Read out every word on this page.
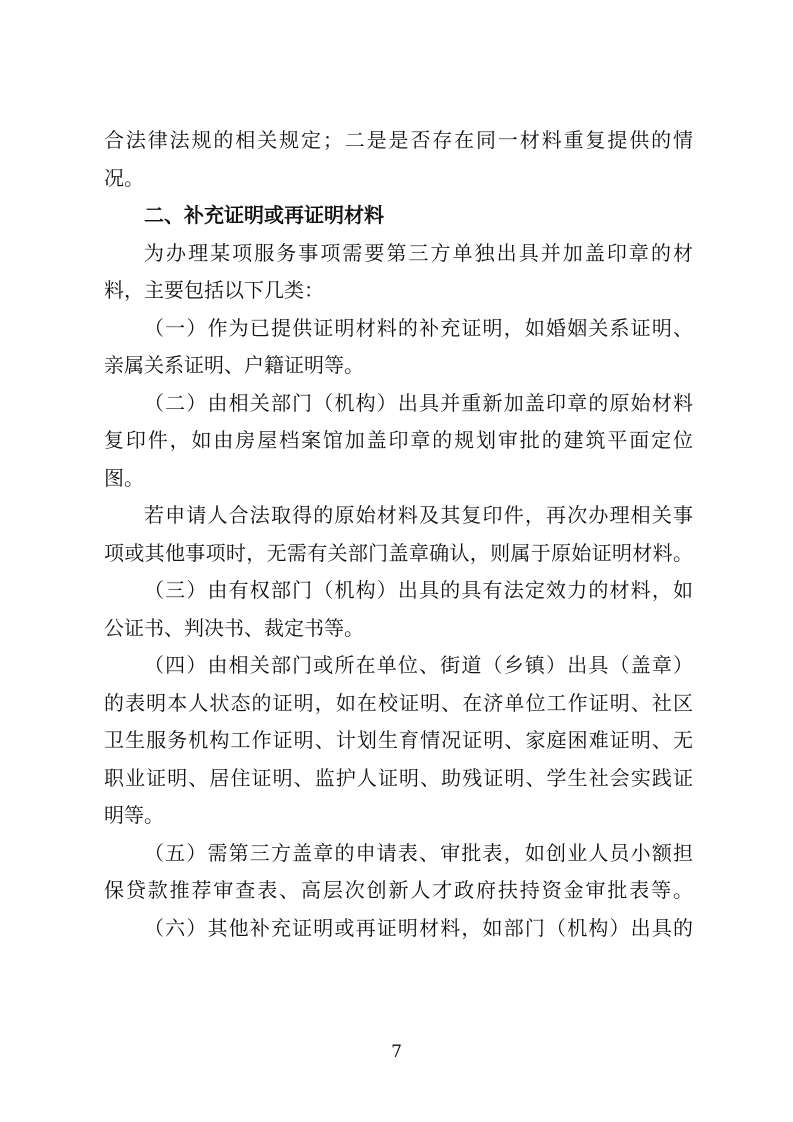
合法律法规的相关规定；二是是否存在同一材料重复提供的情
况。
二、补充证明或再证明材料
为办理某项服务事项需要第三方单独出具并加盖印章的材
料，主要包括以下几类：
（一）作为已提供证明材料的补充证明，如婚姻关系证明、
亲属关系证明、户籍证明等。
（二）由相关部门（机构）出具并重新加盖印章的原始材料
复印件，如由房屋档案馆加盖印章的规划审批的建筑平面定位
图。
若申请人合法取得的原始材料及其复印件，再次办理相关事
项或其他事项时，无需有关部门盖章确认，则属于原始证明材料。
（三）由有权部门（机构）出具的具有法定效力的材料，如
公证书、判决书、裁定书等。
（四）由相关部门或所在单位、街道（乡镇）出具（盖章）
的表明本人状态的证明，如在校证明、在济单位工作证明、社区
卫生服务机构工作证明、计划生育情况证明、家庭困难证明、无
职业证明、居住证明、监护人证明、助残证明、学生社会实践证
明等。
（五）需第三方盖章的申请表、审批表，如创业人员小额担
保贷款推荐审查表、高层次创新人才政府扶持资金审批表等。
（六）其他补充证明或再证明材料，如部门（机构）出具的
7
